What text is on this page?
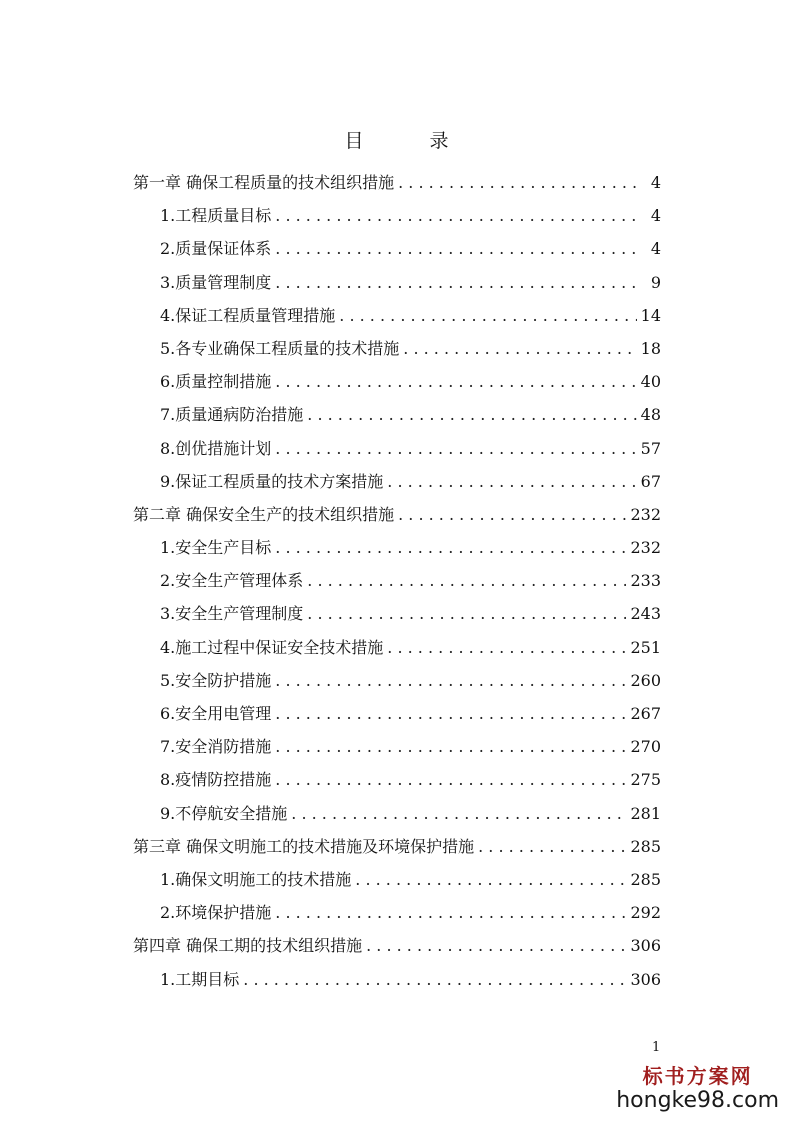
目 录
第一章 确保工程质量的技术组织措施 . . .	4
1.工程质量目标 . . .	4
2.质量保证体系 . . .	4
3.质量管理制度 . . .	9
4.保证工程质量管理措施 . . .	14
5.各专业确保工程质量的技术措施 . . .	18
6.质量控制措施 . . .	40
7.质量通病防治措施 . . .	48
8.创优措施计划 . . .	57
9.保证工程质量的技术方案措施 . . .	67
第二章 确保安全生产的技术组织措施 . . .	232
1.安全生产目标 . . .	232
2.安全生产管理体系 . . .	233
3.安全生产管理制度 . . .	243
4.施工过程中保证安全技术措施 . . .	251
5.安全防护措施 . . .	260
6.安全用电管理 . . .	267
7.安全消防措施 . . .	270
8.疫情防控措施 . . .	275
9.不停航安全措施 . . .	281
第三章 确保文明施工的技术措施及环境保护措施 . . .	285
1.确保文明施工的技术措施 . . .	285
2.环境保护措施 . . .	292
第四章 确保工期的技术组织措施 . . .	306
1.工期目标 . . .	306
1
标书方案网
hongke98.com
